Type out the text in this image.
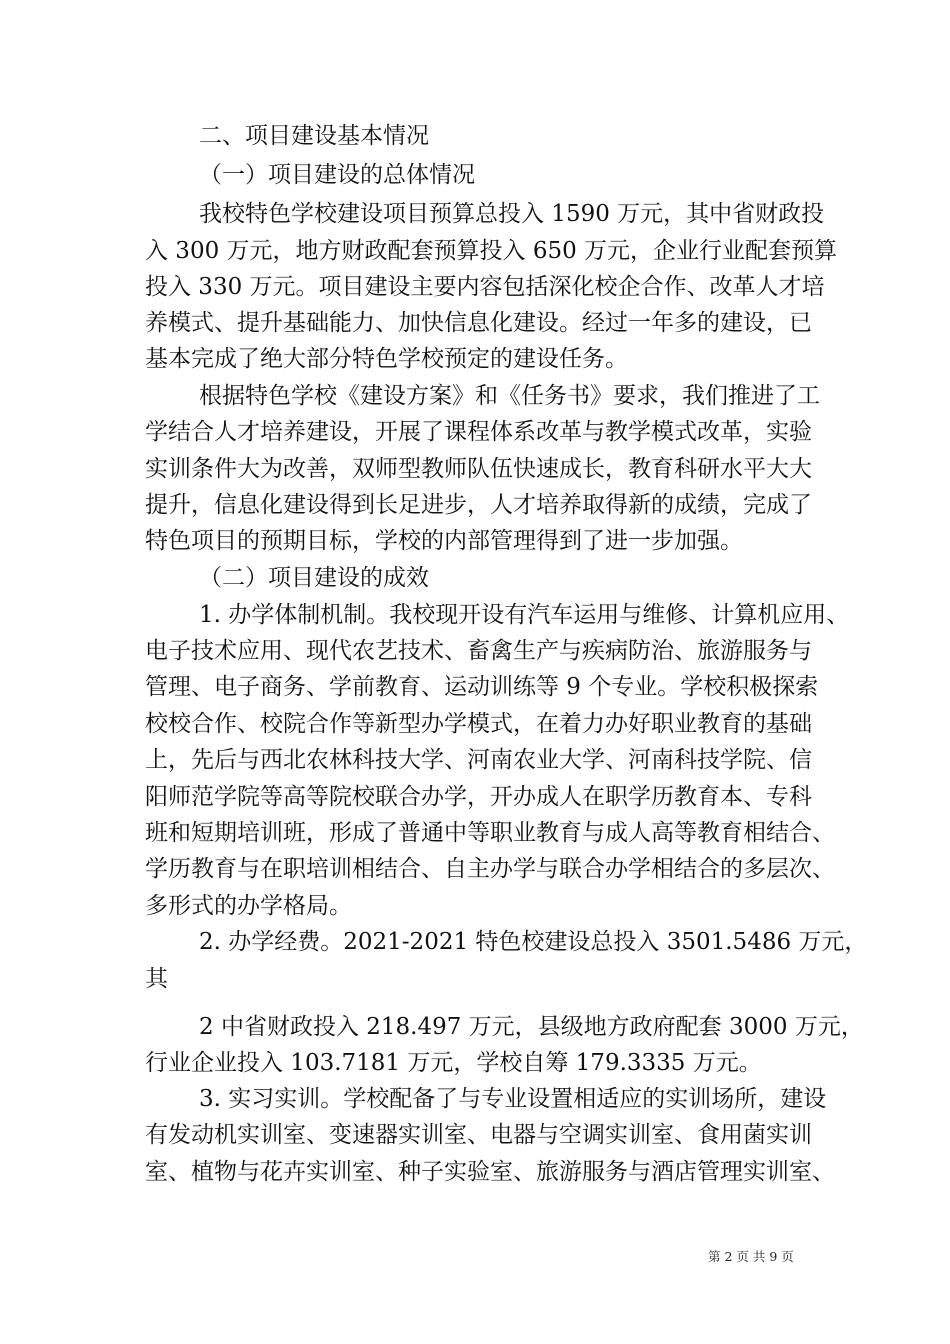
二、项目建设基本情况
（一）项目建设的总体情况
我校特色学校建设项目预算总投入 1590 万元，其中省财政投
入 300 万元，地方财政配套预算投入 650 万元，企业行业配套预算
投入 330 万元。项目建设主要内容包括深化校企合作、改革人才培
养模式、提升基础能力、加快信息化建设。经过一年多的建设，已
基本完成了绝大部分特色学校预定的建设任务。
根据特色学校《建设方案》和《任务书》要求，我们推进了工
学结合人才培养建设，开展了课程体系改革与教学模式改革，实验
实训条件大为改善，双师型教师队伍快速成长，教育科研水平大大
提升，信息化建设得到长足进步，人才培养取得新的成绩，完成了
特色项目的预期目标，学校的内部管理得到了进一步加强。
（二）项目建设的成效
1. 办学体制机制。我校现开设有汽车运用与维修、计算机应用、
电子技术应用、现代农艺技术、畜禽生产与疾病防治、旅游服务与
管理、电子商务、学前教育、运动训练等 9 个专业。学校积极探索
校校合作、校院合作等新型办学模式，在着力办好职业教育的基础
上，先后与西北农林科技大学、河南农业大学、河南科技学院、信
阳师范学院等高等院校联合办学，开办成人在职学历教育本、专科
班和短期培训班，形成了普通中等职业教育与成人高等教育相结合、
学历教育与在职培训相结合、自主办学与联合办学相结合的多层次、
多形式的办学格局。
2. 办学经费。2021-2021 特色校建设总投入 3501.5486 万元，
其
2 中省财政投入 218.497 万元，县级地方政府配套 3000 万元，
行业企业投入 103.7181 万元，学校自筹 179.3335 万元。
3. 实习实训。学校配备了与专业设置相适应的实训场所，建设
有发动机实训室、变速器实训室、电器与空调实训室、食用菌实训
室、植物与花卉实训室、种子实验室、旅游服务与酒店管理实训室、
第 2 页 共 9 页
